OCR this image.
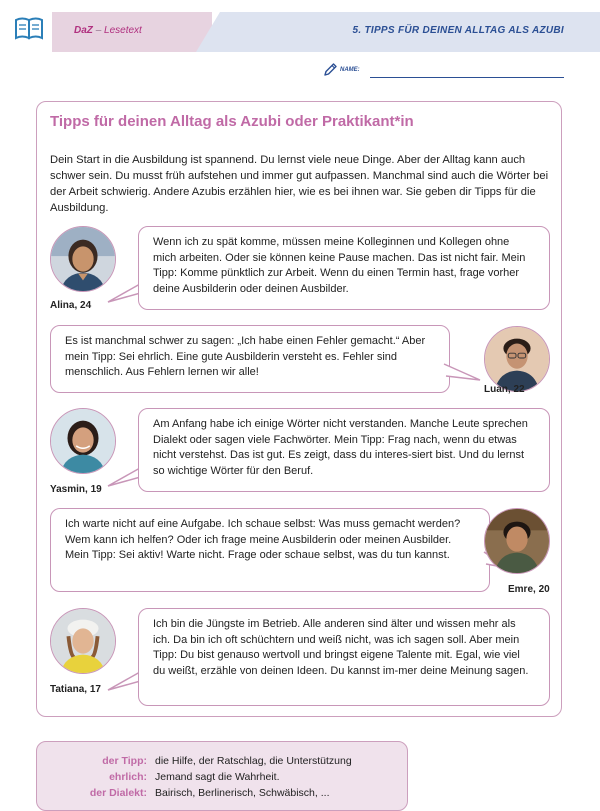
DaZ – Lesetext	5. TIPPS FÜR DEINEN ALLTAG ALS AZUBI
NAME:
Tipps für deinen Alltag als Azubi oder Praktikant*in
Dein Start in die Ausbildung ist spannend. Du lernst viele neue Dinge. Aber der Alltag kann auch schwer sein. Du musst früh aufstehen und immer gut aufpassen. Manchmal sind auch die Wörter bei der Arbeit schwierig. Andere Azubis erzählen hier, wie es bei ihnen war. Sie geben dir Tipps für die Ausbildung.
Alina, 24
Wenn ich zu spät komme, müssen meine Kolleginnen und Kollegen ohne mich arbeiten. Oder sie können keine Pause machen. Das ist nicht fair. Mein Tipp: Komme pünktlich zur Arbeit. Wenn du einen Termin hast, frage vorher deine Ausbilderin oder deinen Ausbilder.
Es ist manchmal schwer zu sagen: „Ich habe einen Fehler gemacht.“ Aber mein Tipp: Sei ehrlich. Eine gute Ausbilderin versteht es. Fehler sind menschlich. Aus Fehlern lernen wir alle!
Luan, 22
Yasmin, 19
Am Anfang habe ich einige Wörter nicht verstanden. Manche Leute sprechen Dialekt oder sagen viele Fachwörter. Mein Tipp: Frag nach, wenn du etwas nicht verstehst. Das ist gut. Es zeigt, dass du interes-siert bist. Und du lernst so wichtige Wörter für den Beruf.
Ich warte nicht auf eine Aufgabe. Ich schaue selbst: Was muss gemacht werden? Wem kann ich helfen? Oder ich frage meine Ausbilderin oder meinen Ausbilder. Mein Tipp: Sei aktiv! Warte nicht. Frage oder schaue selbst, was du tun kannst.
Emre, 20
Tatiana, 17
Ich bin die Jüngste im Betrieb. Alle anderen sind älter und wissen mehr als ich. Da bin ich oft schüchtern und weiß nicht, was ich sagen soll. Aber mein Tipp: Du bist genauso wertvoll und bringst eigene Talente mit. Egal, wie viel du weißt, erzähle von deinen Ideen. Du kannst im-mer deine Meinung sagen.
der Tipp: die Hilfe, der Ratschlag, die Unterstützung
ehrlich: Jemand sagt die Wahrheit.
der Dialekt: Bairisch, Berlinerisch, Schwäbisch, ...
